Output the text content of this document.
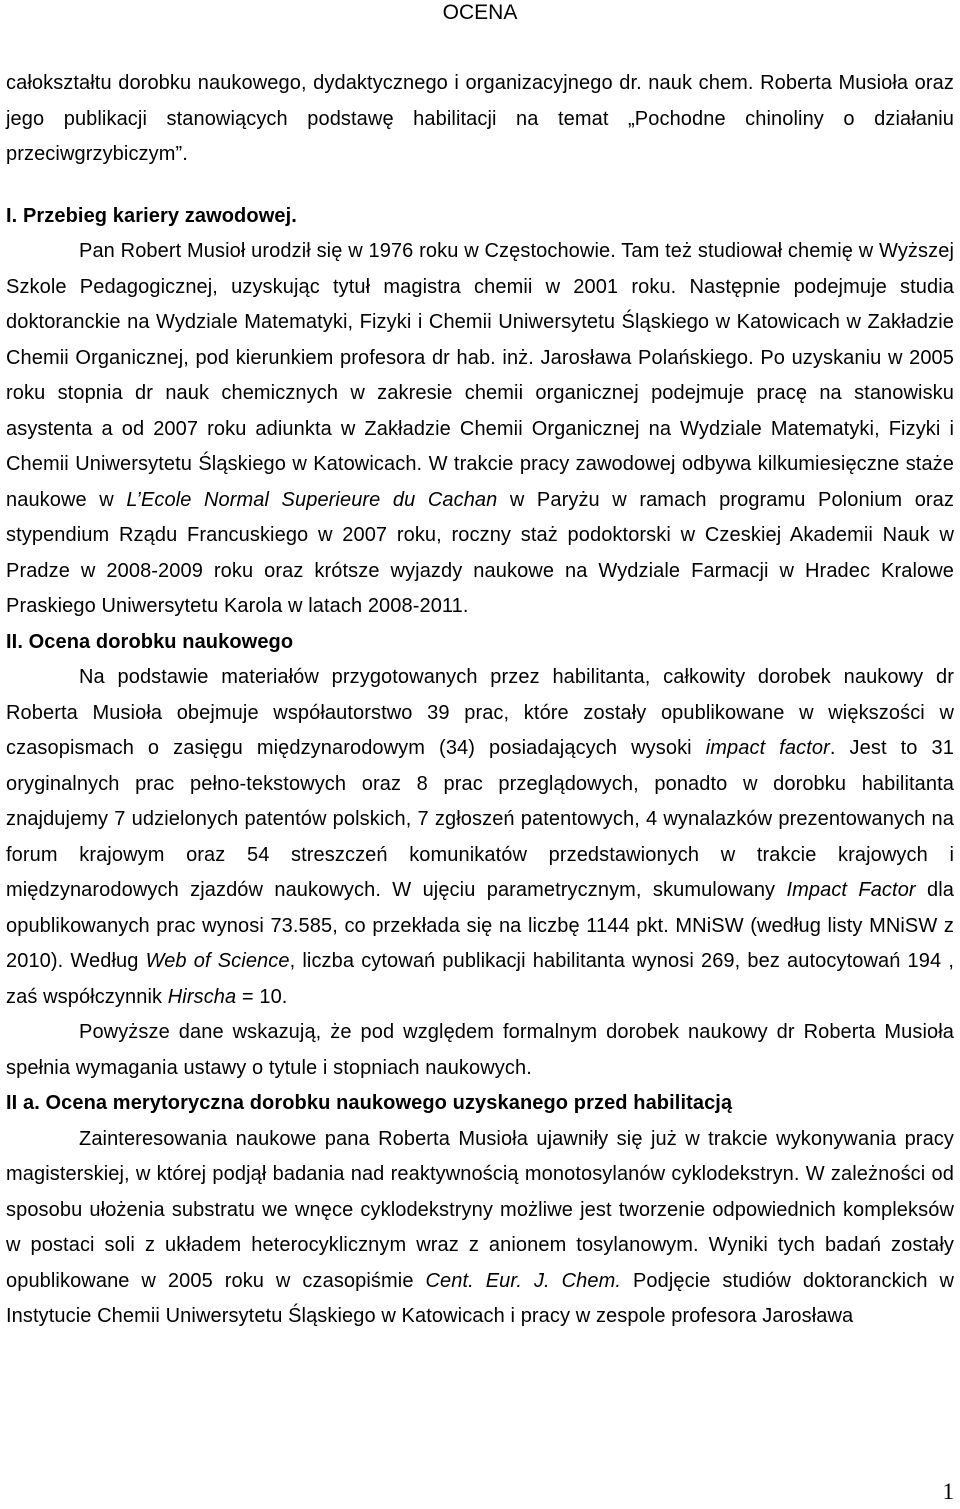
OCENA

całokształtu dorobku naukowego, dydaktycznego i organizacyjnego dr. nauk chem. Roberta Musioła oraz jego publikacji stanowiących podstawę habilitacji na temat „Pochodne chinoliny o działaniu przeciwgrzybiczym”.

I. Przebieg kariery zawodowej.

Pan Robert Musioł urodził się w 1976 roku w Częstochowie. Tam też studiował chemię w Wyższej Szkole Pedagogicznej, uzyskując tytuł magistra chemii w 2001 roku. Następnie podejmuje studia doktoranckie na Wydziale Matematyki, Fizyki i Chemii Uniwersytetu Śląskiego w Katowicach w Zakładzie Chemii Organicznej, pod kierunkiem profesora dr hab. inż. Jarosława Polańskiego. Po uzyskaniu w 2005 roku stopnia dr nauk chemicznych w zakresie chemii organicznej podejmuje pracę na stanowisku asystenta a od 2007 roku adiunkta w Zakładzie Chemii Organicznej na Wydziale Matematyki, Fizyki i Chemii Uniwersytetu Śląskiego w Katowicach. W trakcie pracy zawodowej odbywa kilkumiesięczne staże naukowe w L’Ecole Normal Superieure du Cachan w Paryżu w ramach programu Polonium oraz stypendium Rządu Francuskiego w 2007 roku, roczny staż podoktorski w Czeskiej Akademii Nauk w Pradze w 2008-2009 roku oraz krótsze wyjazdy naukowe na Wydziale Farmacji w Hradec Kralowe Praskiego Uniwersytetu Karola w latach 2008-2011.

II. Ocena dorobku naukowego

Na podstawie materiałów przygotowanych przez habilitanta, całkowity dorobek naukowy dr Roberta Musioła obejmuje współautorstwo 39 prac, które zostały opublikowane w większości w czasopismach o zasięgu międzynarodowym (34) posiadających wysoki impact factor. Jest to 31 oryginalnych prac pełno-tekstowych oraz 8 prac przeglądowych, ponadto w dorobku habilitanta znajdujemy 7 udzielonych patentów polskich, 7 zgłoszeń patentowych, 4 wynalazków prezentowanych na forum krajowym oraz 54 streszczeń komunikatów przedstawionych w trakcie krajowych i międzynarodowych zjazdów naukowych. W ujęciu parametrycznym, skumulowany Impact Factor dla opublikowanych prac wynosi 73.585, co przekłada się na liczbę 1144 pkt. MNiSW (według listy MNiSW z 2010). Według Web of Science, liczba cytowań publikacji habilitanta wynosi 269, bez autocytowań 194 , zaś współczynnik Hirscha = 10.

Powyższe dane wskazują, że pod względem formalnym dorobek naukowy dr Roberta Musioła spełnia wymagania ustawy o tytule i stopniach naukowych.

II a. Ocena merytoryczna dorobku naukowego uzyskanego przed habilitacją

Zainteresowania naukowe pana Roberta Musioła ujawniły się już w trakcie wykonywania pracy magisterskiej, w której podjął badania nad reaktywnością monotosylanów cyklodekstryn. W zależności od sposobu ułożenia substratu we wnęce cyklodekstryny możliwe jest tworzenie odpowiednich kompleksów w postaci soli z układem heterocyklicznym wraz z anionem tosylanowym. Wyniki tych badań zostały opublikowane w 2005 roku w czasopiśmie Cent. Eur. J. Chem. Podjęcie studiów doktoranckich w Instytucie Chemii Uniwersytetu Śląskiego w Katowicach i pracy w zespole profesora Jarosława

1
